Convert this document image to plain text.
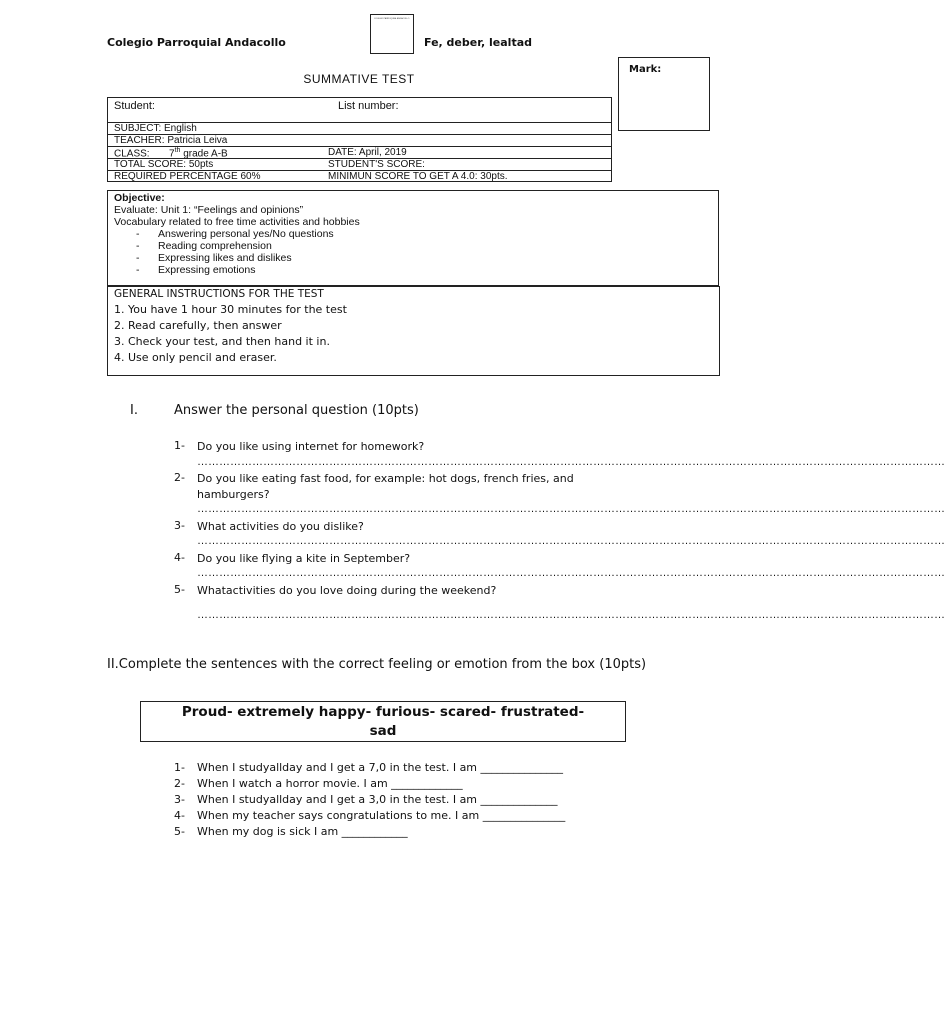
Colegio Parroquial Andacollo
COLEGIO PARROQUIAL ANDACOLLO
Fe, deber, lealtad
Mark:
SUMMATIVE TEST
Student:	List number:
SUBJECT: English
TEACHER: Patricia Leiva
CLASS: 7th grade A-B	DATE: April, 2019
TOTAL SCORE: 50pts	STUDENT'S SCORE:
REQUIRED PERCENTAGE 60%	MINIMUN SCORE TO GET A 4.0: 30pts.
Objective:
Evaluate: Unit 1: “Feelings and opinions”
Vocabulary related to free time activities and hobbies
- Answering personal yes/No questions
- Reading comprehension
- Expressing likes and dislikes
- Expressing emotions
GENERAL INSTRUCTIONS FOR THE TEST
1. You have 1 hour 30 minutes for the test
2. Read carefully, then answer
3. Check your test, and then hand it in.
4. Use only pencil and eraser.
I.	Answer the personal question (10pts)
1- Do you like using internet for homework?
……………………………………………………………………………………………………………………………………………………………………………………
2- Do you like eating fast food, for example: hot dogs, french fries, and hamburgers?
……………………………………………………………………………………………………………………………………………………………………………………
3- What activities do you dislike?
……………………………………………………………………………………………………………………………………………………………………………………
4- Do you like flying a kite in September?
……………………………………………………………………………………………………………………………………………………………………………………
5- Whatactivities do you love doing during the weekend?
……………………………………………………………………………………………………………………………………………………………………………………
II.Complete the sentences with the correct feeling or emotion from the box (10pts)
Proud- extremely happy- furious- scared- frustrated- sad
1- When I studyallday and I get a 7,0 in the test. I am _______________
2- When I watch a horror movie. I am _____________
3- When I studyallday and I get a 3,0 in the test. I am ______________
4- When my teacher says congratulations to me. I am _______________
5- When my dog is sick I am ____________
